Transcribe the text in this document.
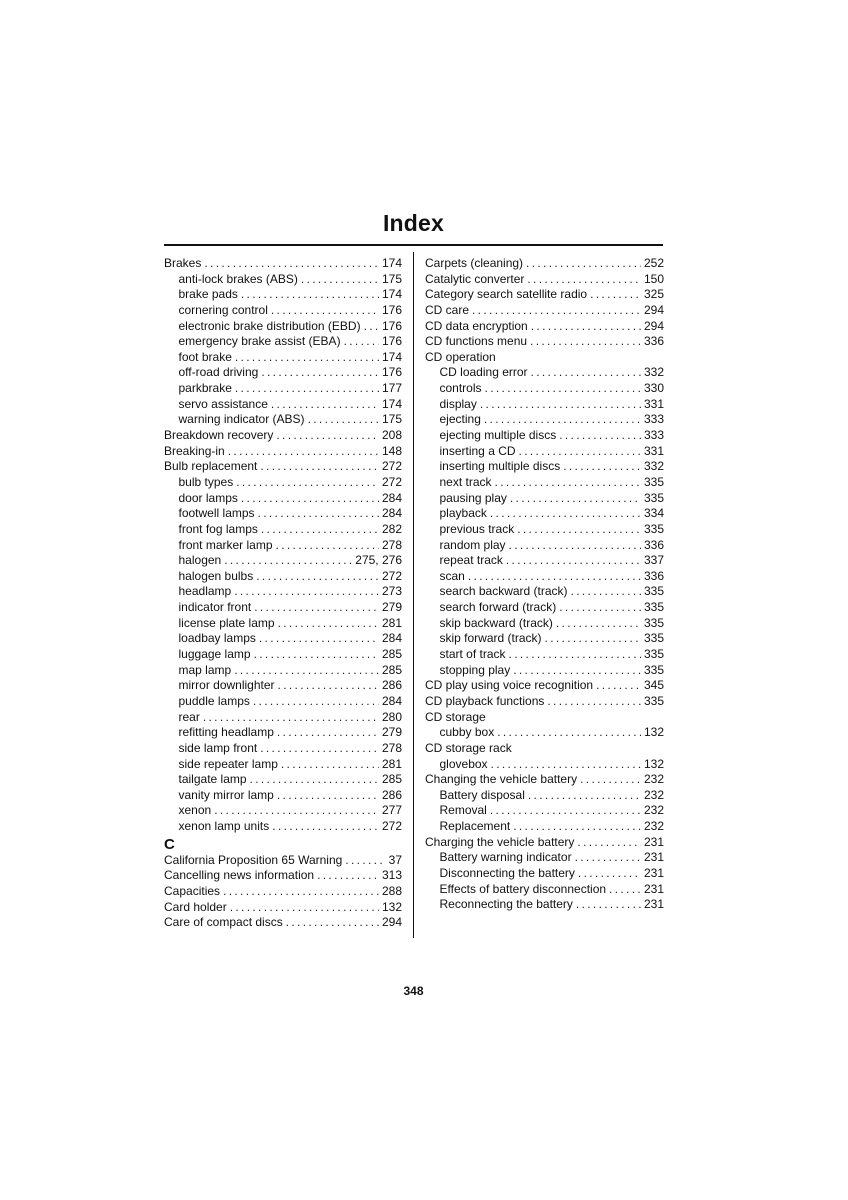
Index
Brakes . . .	174
anti-lock brakes (ABS) . . .	175
brake pads . . .	174
cornering control . . .	176
electronic brake distribution (EBD) . . . 176
emergency brake assist (EBA) . . .	176
foot brake . . .	174
off-road driving . . .	176
parkbrake . . .	177
servo assistance . . .	174
warning indicator (ABS) . . .	175
Breakdown recovery . . .	208
Breaking-in . . .	148
Bulb replacement . . .	272
bulb types . . .	272
door lamps . . .	284
footwell lamps . . .	284
front fog lamps . . .	282
front marker lamp . . .	278
halogen . . .	275, 276
halogen bulbs . . .	272
headlamp . . .	273
indicator front . . .	279
license plate lamp . . .	281
loadbay lamps . . .	284
luggage lamp . . .	285
map lamp . . .	285
mirror downlighter . . .	286
puddle lamps . . .	284
rear . . .	280
refitting headlamp . . .	279
side lamp front . . .	278
side repeater lamp . . .	281
tailgate lamp . . .	285
vanity mirror lamp . . .	286
xenon . . .	277
xenon lamp units . . .	272
C
California Proposition 65 Warning . . .	37
Cancelling news information . . .	313
Capacities . . .	288
Card holder . . .	132
Care of compact discs . . .	294
Carpets (cleaning) . . .	252
Catalytic converter . . .	150
Category search satellite radio . . .	325
CD care . . .	294
CD data encryption . . .	294
CD functions menu . . .	336
CD operation
CD loading error . . .	332
controls . . .	330
display . . .	331
ejecting . . .	333
ejecting multiple discs . . .	333
inserting a CD . . .	331
inserting multiple discs . . .	332
next track . . .	335
pausing play . . .	335
playback . . .	334
previous track . . .	335
random play . . .	336
repeat track . . .	337
scan . . .	336
search backward (track) . . .	335
search forward (track) . . .	335
skip backward (track) . . .	335
skip forward (track) . . .	335
start of track . . .	335
stopping play . . .	335
CD play using voice recognition . . .	345
CD playback functions . . .	335
CD storage
cubby box . . .	132
CD storage rack
glovebox . . .	132
Changing the vehicle battery . . .	232
Battery disposal . . .	232
Removal . . .	232
Replacement . . .	232
Charging the vehicle battery . . .	231
Battery warning indicator . . .	231
Disconnecting the battery . . .	231
Effects of battery disconnection . . .	231
Reconnecting the battery . . .	231
348
